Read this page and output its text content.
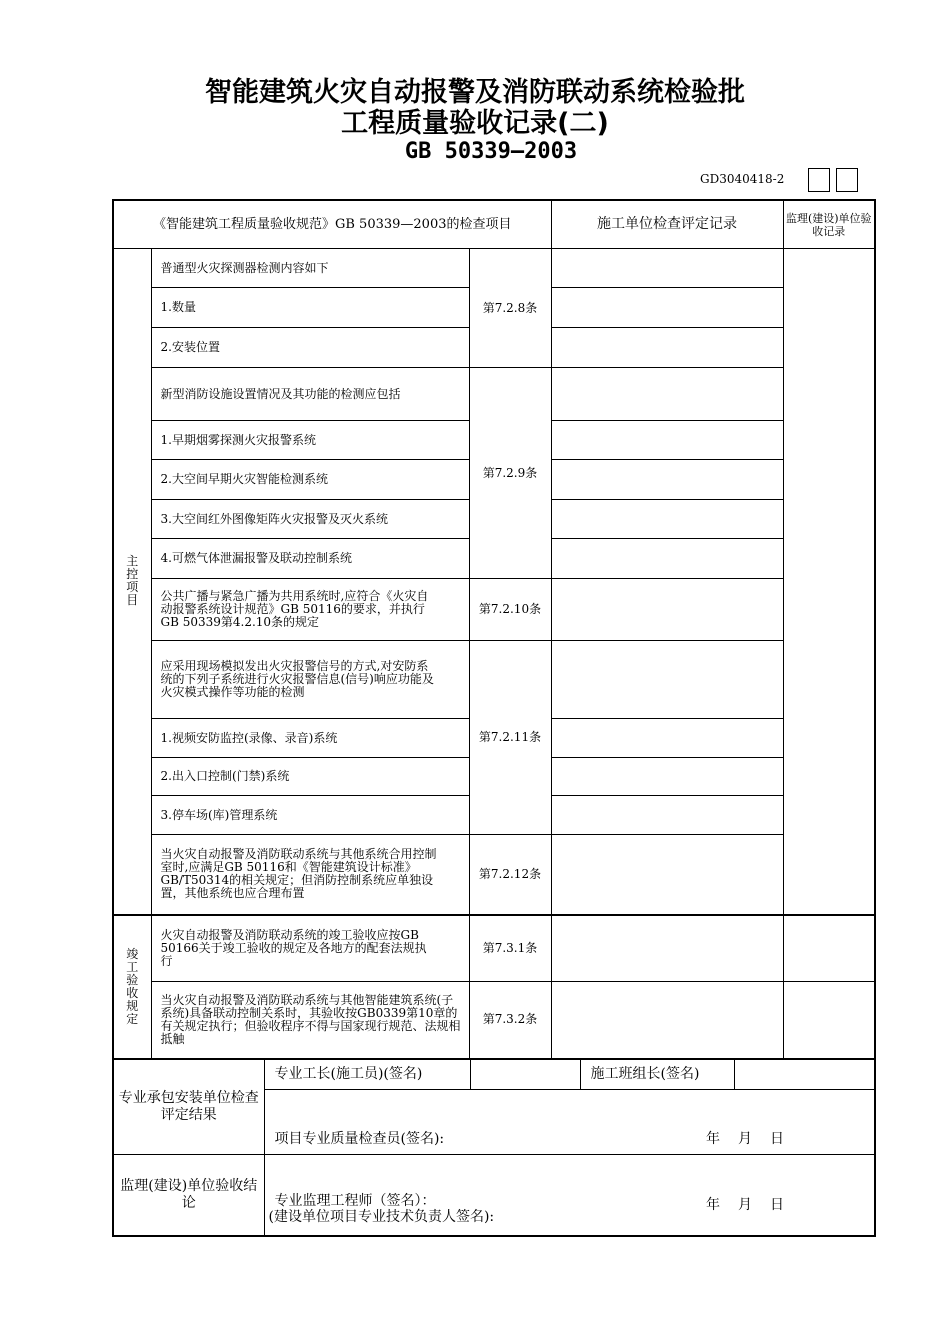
智能建筑火灾自动报警及消防联动系统检验批
工程质量验收记录(二)
GB 50339—2003
GD3040418-2
《智能建筑工程质量验收规范》GB 50339—2003的检查项目	施工单位检查评定记录	监理(建设)单位验收记录
主
控
项
目	普通型火灾探测器检测内容如下	第7.2.8条		
1.数量	
2.安装位置	
新型消防设施设置情况及其功能的检测应包括	第7.2.9条	
1.早期烟雾探测火灾报警系统	
2.大空间早期火灾智能检测系统	
3.大空间红外图像矩阵火灾报警及灭火系统	
4.可燃气体泄漏报警及联动控制系统	
公共广播与紧急广播为共用系统时,应符合《火灾自动报警系统设计规范》GB 50116的要求，并执行GB 50339第4.2.10条的规定	第7.2.10条	
应采用现场模拟发出火灾报警信号的方式,对安防系统的下列子系统进行火灾报警信息(信号)响应功能及火灾模式操作等功能的检测	第7.2.11条	
1.视频安防监控(录像、录音)系统	
2.出入口控制(门禁)系统	
3.停车场(库)管理系统	
当火灾自动报警及消防联动系统与其他系统合用控制室时,应满足GB 50116和《智能建筑设计标准》GB/T50314的相关规定；但消防控制系统应单独设置，其他系统也应合理布置	第7.2.12条	
竣
工
验
收
规
定	火灾自动报警及消防联动系统的竣工验收应按GB 50166关于竣工验收的规定及各地方的配套法规执行	第7.3.1条		
当火灾自动报警及消防联动系统与其他智能建筑系统(子系统)具备联动控制关系时，其验收按GB0339第10章的有关规定执行；但验收程序不得与国家现行规范、法规相抵触	第7.3.2条		

专业承包安装单位检查评定结果	专业工长(施工员)(签名)		施工班组长(签名)	
项目专业质量检查员(签名):	年 月 日

监理(建设)单位验收结论	年 月 日
专业监理工程师（签名）：
(建设单位项目专业技术负责人签名):
